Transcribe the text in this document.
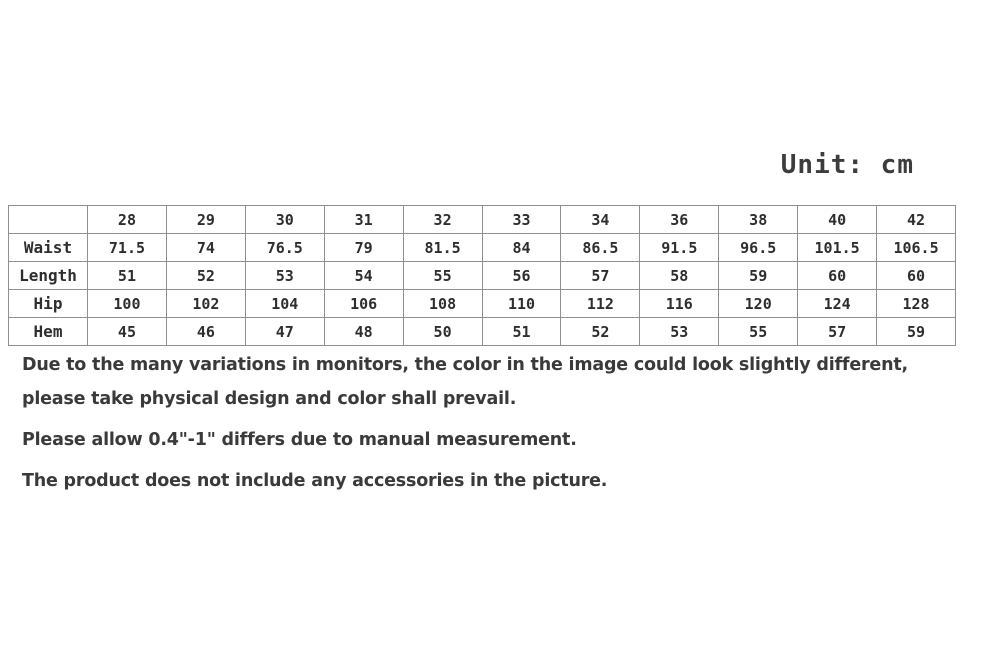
Unit: cm
	28	29	30	31	32	33	34	36	38	40	42
Waist	71.5	74	76.5	79	81.5	84	86.5	91.5	96.5	101.5	106.5
Length	51	52	53	54	55	56	57	58	59	60	60
Hip	100	102	104	106	108	110	112	116	120	124	128
Hem	45	46	47	48	50	51	52	53	55	57	59

Due to the many variations in monitors, the color in the image could look slightly different,

please take physical design and color shall prevail.

Please allow 0.4"-1" differs due to manual measurement.

The product does not include any accessories in the picture.
